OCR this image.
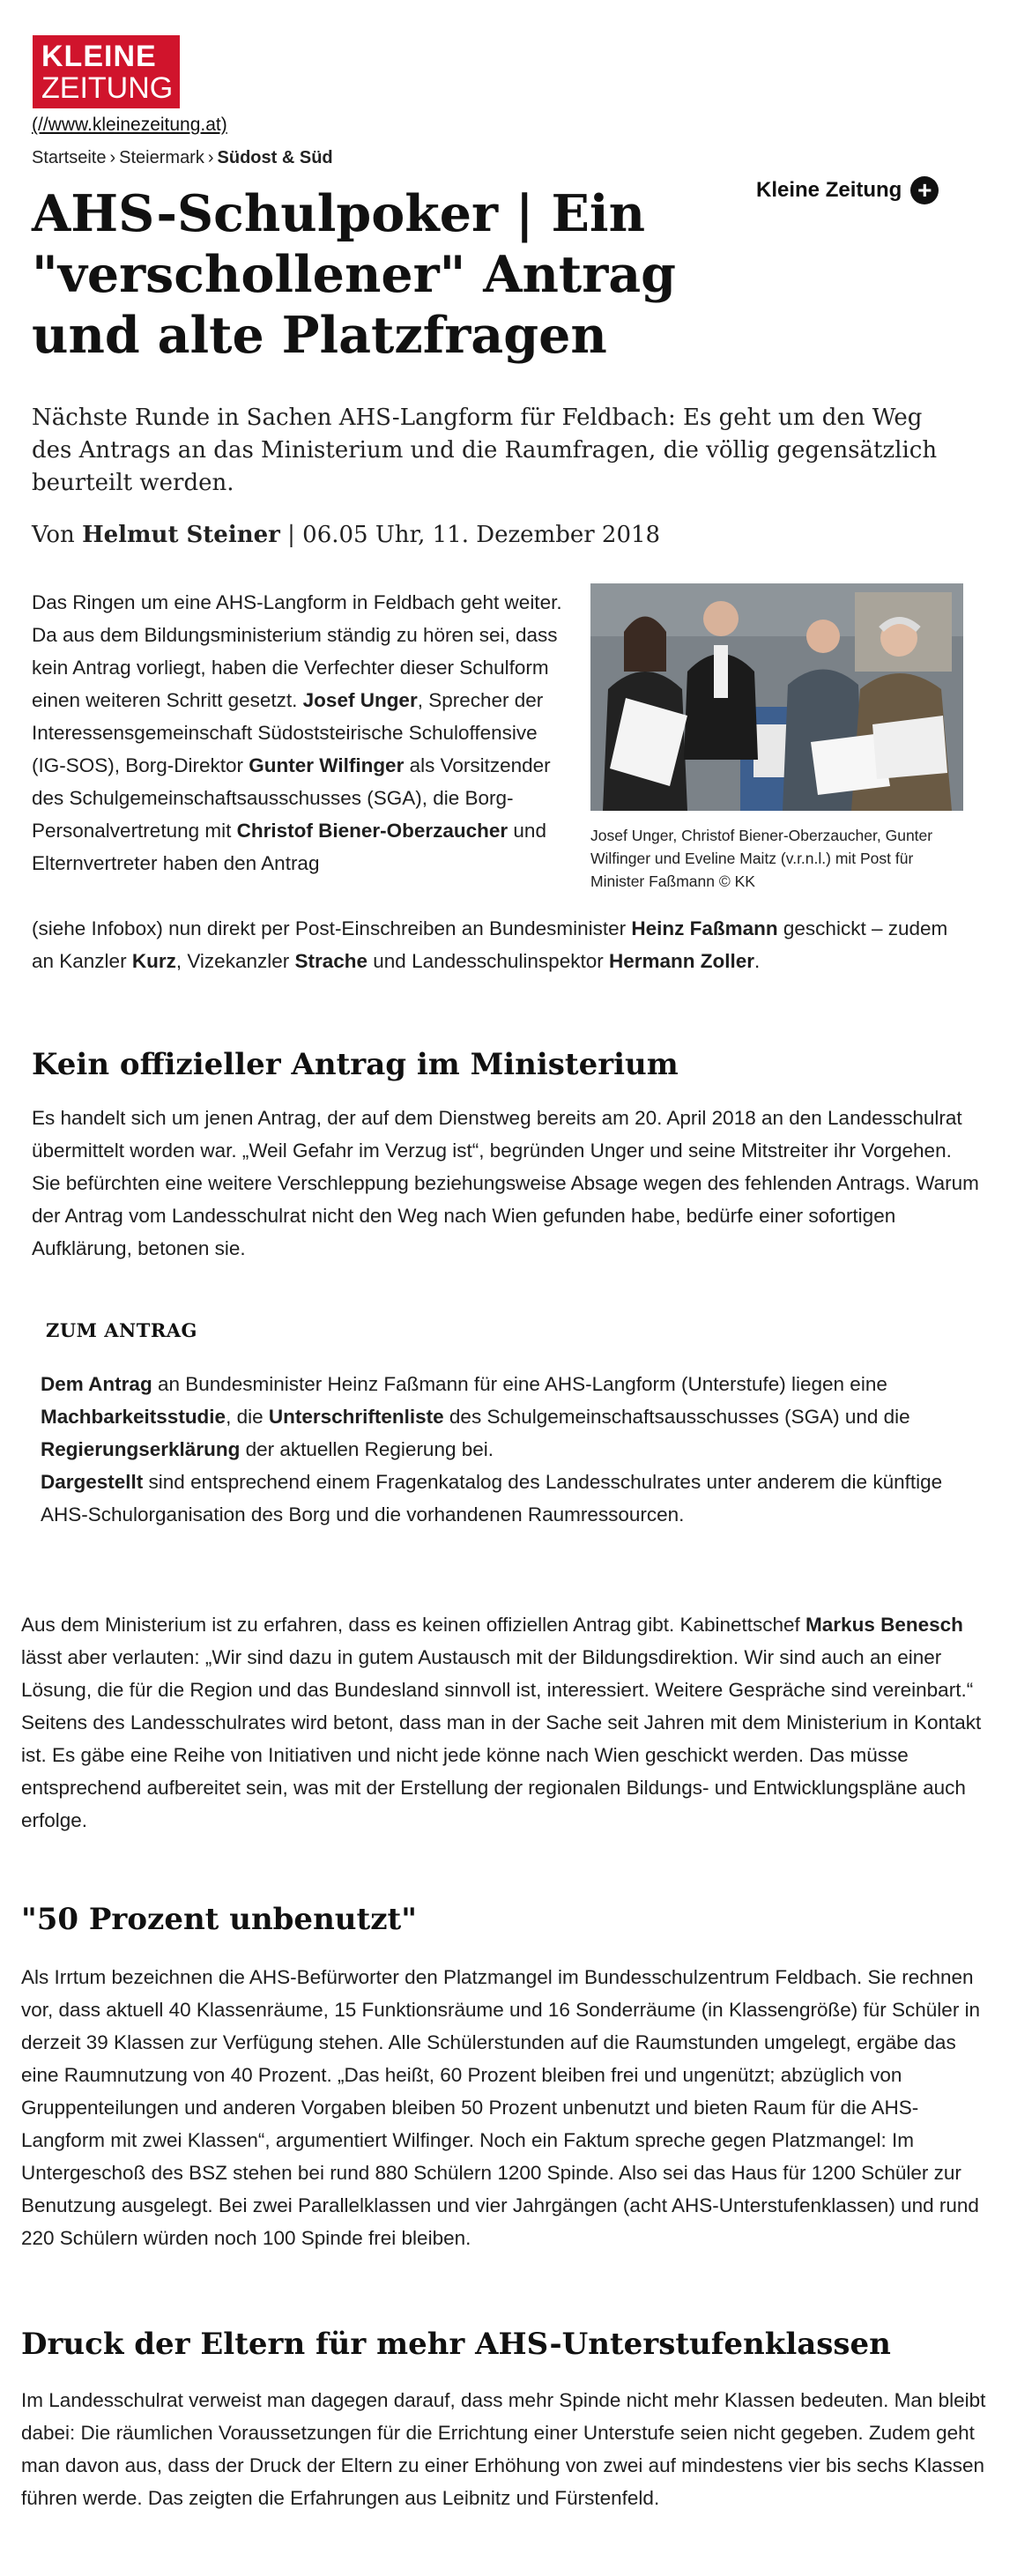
KLEINE
ZEITUNG
(//www.kleinezeitung.at)
Startseite › Steiermark › Südost & Süd
Kleine Zeitung +
AHS-Schulpoker | Ein "verschollener" Antrag und alte Platzfragen

Nächste Runde in Sachen AHS-Langform für Feldbach: Es geht um den Weg des Antrags an das Ministerium und die Raumfragen, die völlig gegensätzlich beurteilt werden.

Von Helmut Steiner | 06.05 Uhr, 11. Dezember 2018
Josef Unger, Christof Biener-Oberzaucher, Gunter Wilfinger und Eveline Maitz (v.r.n.l.) mit Post für Minister Faßmann © KK

Das Ringen um eine AHS-Langform in Feldbach geht weiter. Da aus dem Bildungsministerium ständig zu hören sei, dass kein Antrag vorliegt, haben die Verfechter dieser Schulform einen weiteren Schritt gesetzt. Josef Unger, Sprecher der Interessensgemeinschaft Südoststeirische Schuloffensive (IG-SOS), Borg-Direktor Gunter Wilfinger als Vorsitzender des Schulgemeinschaftsausschusses (SGA), die Borg-Personalvertretung mit Christof Biener-Oberzaucher und Elternvertreter haben den Antrag

(siehe Infobox) nun direkt per Post-Einschreiben an Bundesminister Heinz Faßmann geschickt – zudem an Kanzler Kurz, Vizekanzler Strache und Landesschulinspektor Hermann Zoller.

Kein offizieller Antrag im Ministerium

Es handelt sich um jenen Antrag, der auf dem Dienstweg bereits am 20. April 2018 an den Landesschulrat übermittelt worden war. „Weil Gefahr im Verzug ist“, begründen Unger und seine Mitstreiter ihr Vorgehen. Sie befürchten eine weitere Verschleppung beziehungsweise Absage wegen des fehlenden Antrags. Warum der Antrag vom Landesschulrat nicht den Weg nach Wien gefunden habe, bedürfe einer sofortigen Aufklärung, betonen sie.

ZUM ANTRAG

Dem Antrag an Bundesminister Heinz Faßmann für eine AHS-Langform (Unterstufe) liegen eine Machbarkeitsstudie, die Unterschriftenliste des Schulgemeinschaftsausschusses (SGA) und die Regierungserklärung der aktuellen Regierung bei.
Dargestellt sind entsprechend einem Fragenkatalog des Landesschulrates unter anderem die künftige AHS-Schulorganisation des Borg und die vorhandenen Raumressourcen.

Aus dem Ministerium ist zu erfahren, dass es keinen offiziellen Antrag gibt. Kabinettschef Markus Benesch lässt aber verlauten: „Wir sind dazu in gutem Austausch mit der Bildungsdirektion. Wir sind auch an einer Lösung, die für die Region und das Bundesland sinnvoll ist, interessiert. Weitere Gespräche sind vereinbart.“ Seitens des Landesschulrates wird betont, dass man in der Sache seit Jahren mit dem Ministerium in Kontakt ist. Es gäbe eine Reihe von Initiativen und nicht jede könne nach Wien geschickt werden. Das müsse entsprechend aufbereitet sein, was mit der Erstellung der regionalen Bildungs- und Entwicklungspläne auch erfolge.

"50 Prozent unbenutzt"

Als Irrtum bezeichnen die AHS-Befürworter den Platzmangel im Bundesschulzentrum Feldbach. Sie rechnen vor, dass aktuell 40 Klassenräume, 15 Funktionsräume und 16 Sonderräume (in Klassengröße) für Schüler in derzeit 39 Klassen zur Verfügung stehen. Alle Schülerstunden auf die Raumstunden umgelegt, ergäbe das eine Raumnutzung von 40 Prozent. „Das heißt, 60 Prozent bleiben frei und ungenützt; abzüglich von Gruppenteilungen und anderen Vorgaben bleiben 50 Prozent unbenutzt und bieten Raum für die AHS-Langform mit zwei Klassen“, argumentiert Wilfinger. Noch ein Faktum spreche gegen Platzmangel: Im Untergeschoß des BSZ stehen bei rund 880 Schülern 1200 Spinde. Also sei das Haus für 1200 Schüler zur Benutzung ausgelegt. Bei zwei Parallelklassen und vier Jahrgängen (acht AHS-Unterstufenklassen) und rund 220 Schülern würden noch 100 Spinde frei bleiben.

Druck der Eltern für mehr AHS-Unterstufenklassen

Im Landesschulrat verweist man dagegen darauf, dass mehr Spinde nicht mehr Klassen bedeuten. Man bleibt dabei: Die räumlichen Voraussetzungen für die Errichtung einer Unterstufe seien nicht gegeben. Zudem geht man davon aus, dass der Druck der Eltern zu einer Erhöhung von zwei auf mindestens vier bis sechs Klassen führen werde. Das zeigten die Erfahrungen aus Leibnitz und Fürstenfeld.
